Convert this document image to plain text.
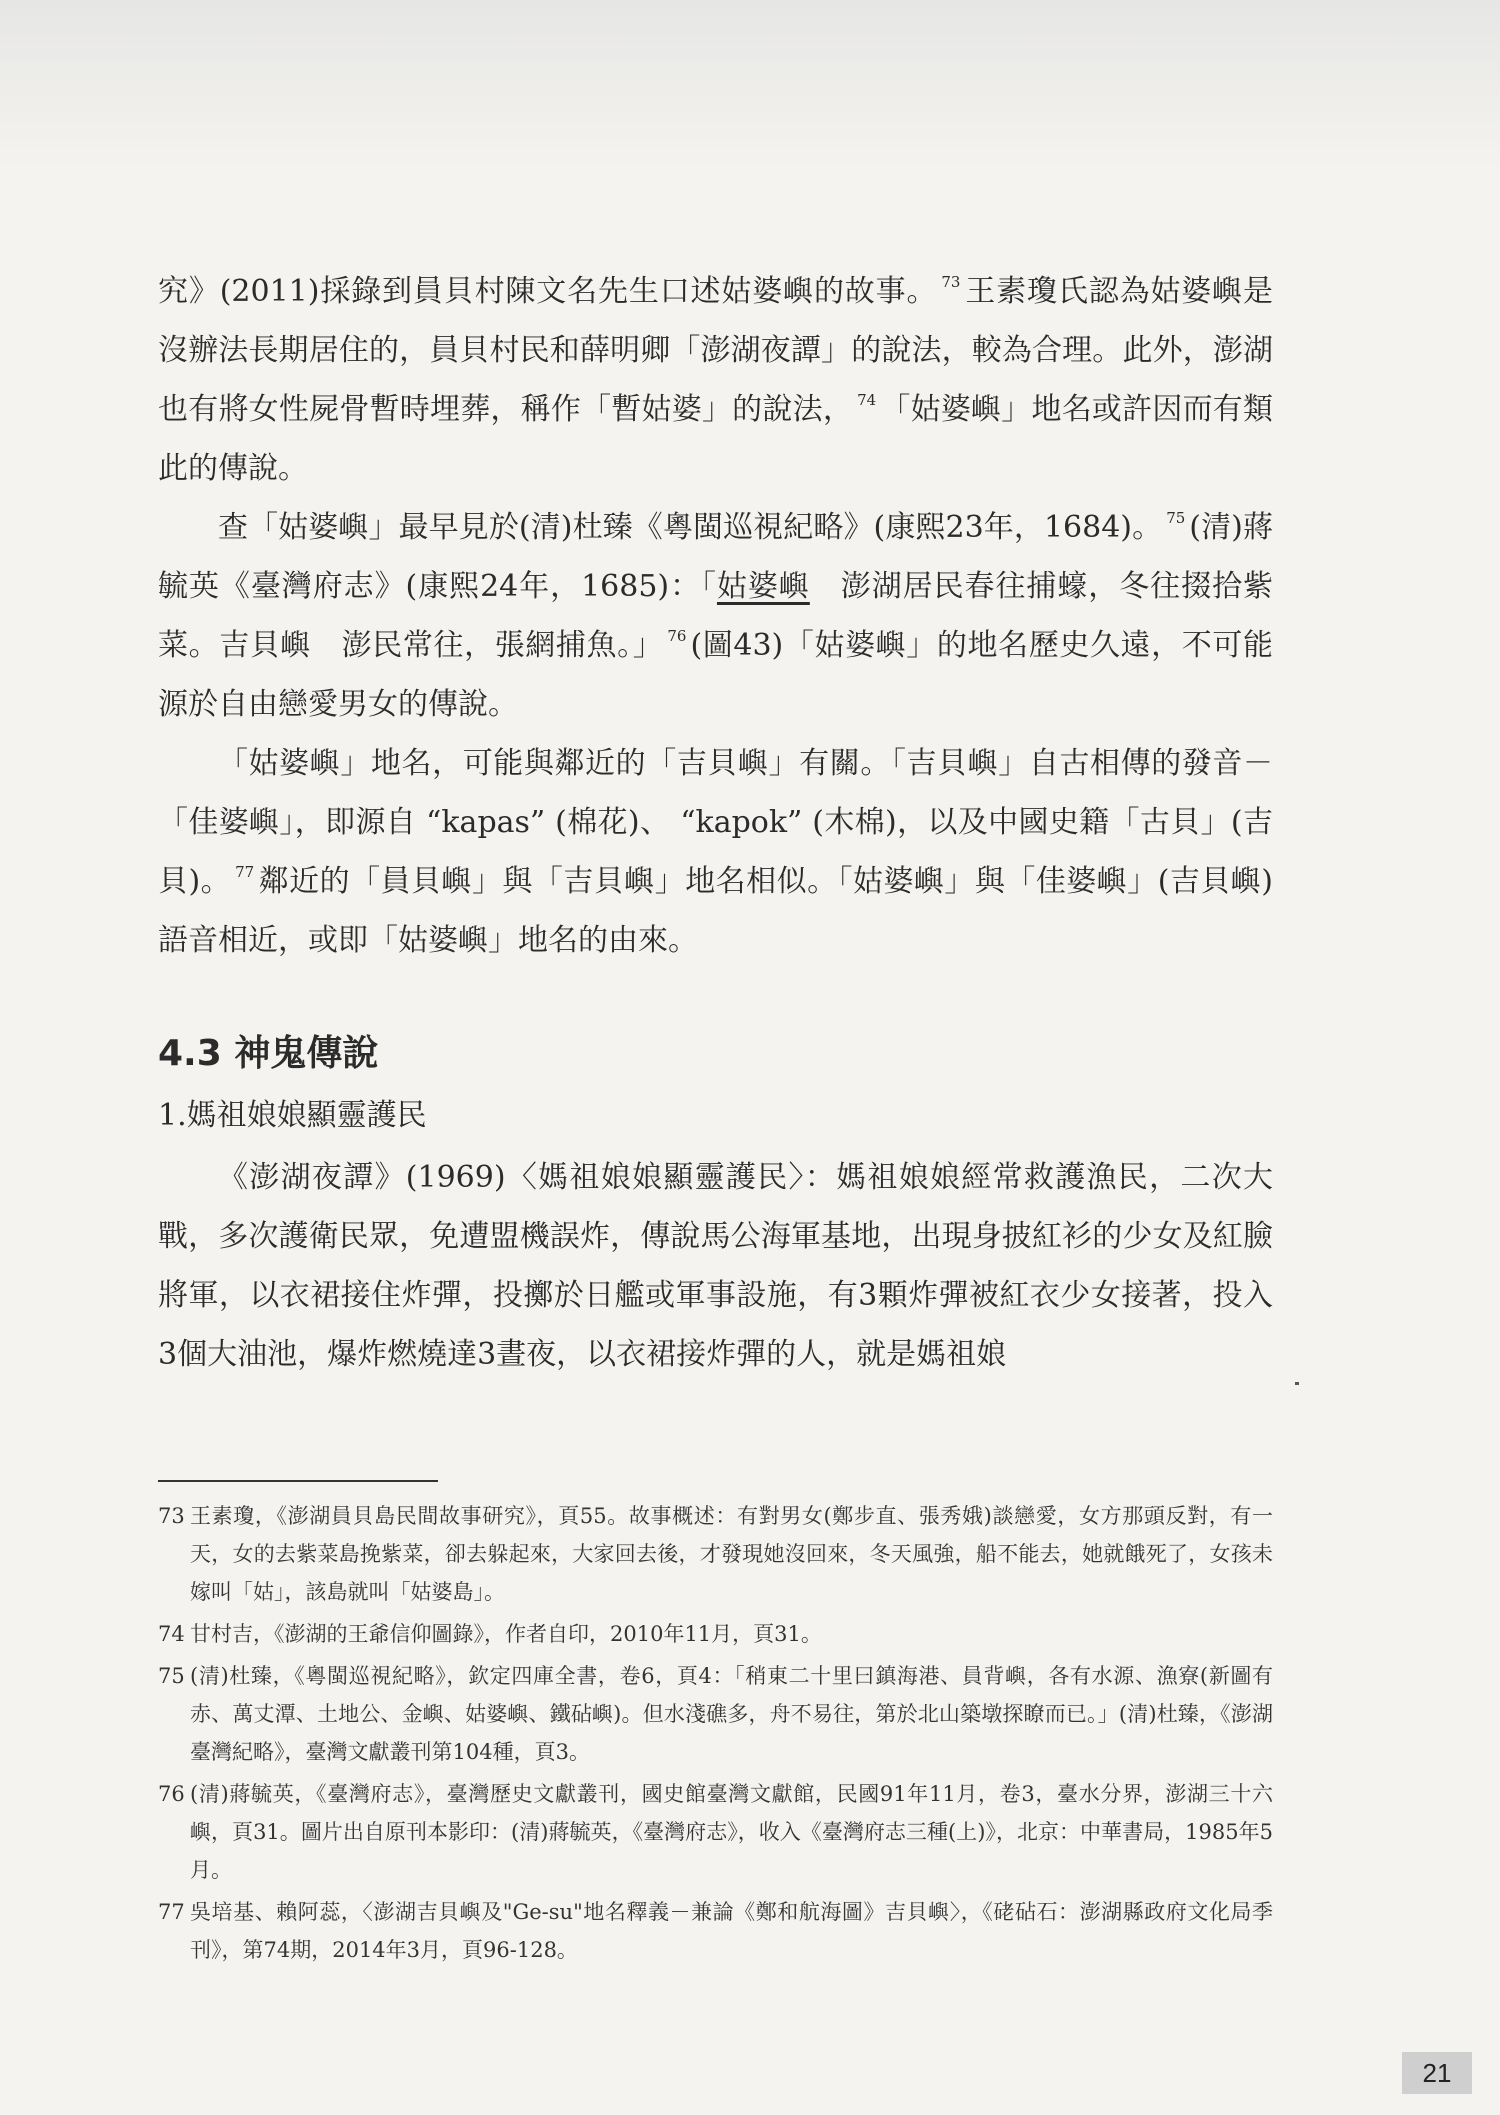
究》(2011)採錄到員貝村陳文名先生口述姑婆嶼的故事。 $^{73}$ 王素瓊氏認為姑婆嶼是沒辦法長期居住的，員貝村民和薛明卿「澎湖夜譚」的說法，較為合理。此外，澎湖也有將女性屍骨暫時埋葬，稱作「暫姑婆」的說法， $^{74}$ 「姑婆嶼」地名或許因而有類此的傳說。

查「姑婆嶼」最早見於(清)杜臻《粵閩巡視紀略》(康熙23年，1684)。 $^{75}$ (清)蔣毓英《臺灣府志》(康熙24年，1685)：「姑婆嶼　澎湖居民春往捕蠔，冬往掇拾紫菜。吉貝嶼　澎民常往，張網捕魚。」 $^{76}$ (圖43)「姑婆嶼」的地名歷史久遠，不可能源於自由戀愛男女的傳說。

「姑婆嶼」地名，可能與鄰近的「吉貝嶼」有關。「吉貝嶼」自古相傳的發音－「佳婆嶼」，即源自 “kapas” (棉花)、 “kapok” (木棉)，以及中國史籍「古貝」(吉貝)。 $^{77}$ 鄰近的「員貝嶼」與「吉貝嶼」地名相似。「姑婆嶼」與「佳婆嶼」(吉貝嶼)語音相近，或即「姑婆嶼」地名的由來。

4.3 神鬼傳說
1.媽祖娘娘顯靈護民
《澎湖夜譚》(1969)〈媽祖娘娘顯靈護民〉：媽祖娘娘經常救護漁民，二次大戰，多次護衛民眾，免遭盟機誤炸，傳說馬公海軍基地，出現身披紅衫的少女及紅臉將軍，以衣裙接住炸彈，投擲於日艦或軍事設施，有3顆炸彈被紅衣少女接著，投入3個大油池，爆炸燃燒達3晝夜，以衣裙接炸彈的人，就是媽祖娘
73 王素瓊，《澎湖員貝島民間故事研究》，頁55。故事概述：有對男女(鄭步直、張秀娥)談戀愛，女方那頭反對，有一天，女的去紫菜島挽紫菜，卻去躲起來，大家回去後，才發現她沒回來，冬天風強，船不能去，她就餓死了，女孩未嫁叫「姑」，該島就叫「姑婆島」。
74 甘村吉，《澎湖的王爺信仰圖錄》，作者自印，2010年11月，頁31。
75 (清)杜臻，《粵閩巡視紀略》，欽定四庫全書，卷6，頁4：「稍東二十里曰鎮海港、員背嶼，各有水源、漁寮(新圖有赤、萬丈潭、土地公、金嶼、姑婆嶼、鐵砧嶼)。但水淺礁多，舟不易往，第於北山築墩探瞭而已。」(清)杜臻，《澎湖臺灣紀略》，臺灣文獻叢刊第104種，頁3。
76 (清)蔣毓英，《臺灣府志》，臺灣歷史文獻叢刊，國史館臺灣文獻館，民國91年11月，卷3，臺水分界，澎湖三十六嶼，頁31。圖片出自原刊本影印：(清)蔣毓英，《臺灣府志》，收入《臺灣府志三種(上)》，北京：中華書局，1985年5月。
77 吳培基、賴阿蕊，〈澎湖吉貝嶼及"Ge-su"地名釋義－兼論《鄭和航海圖》吉貝嶼〉，《硓砧石：澎湖縣政府文化局季刊》，第74期，2014年3月，頁96-128。
21
